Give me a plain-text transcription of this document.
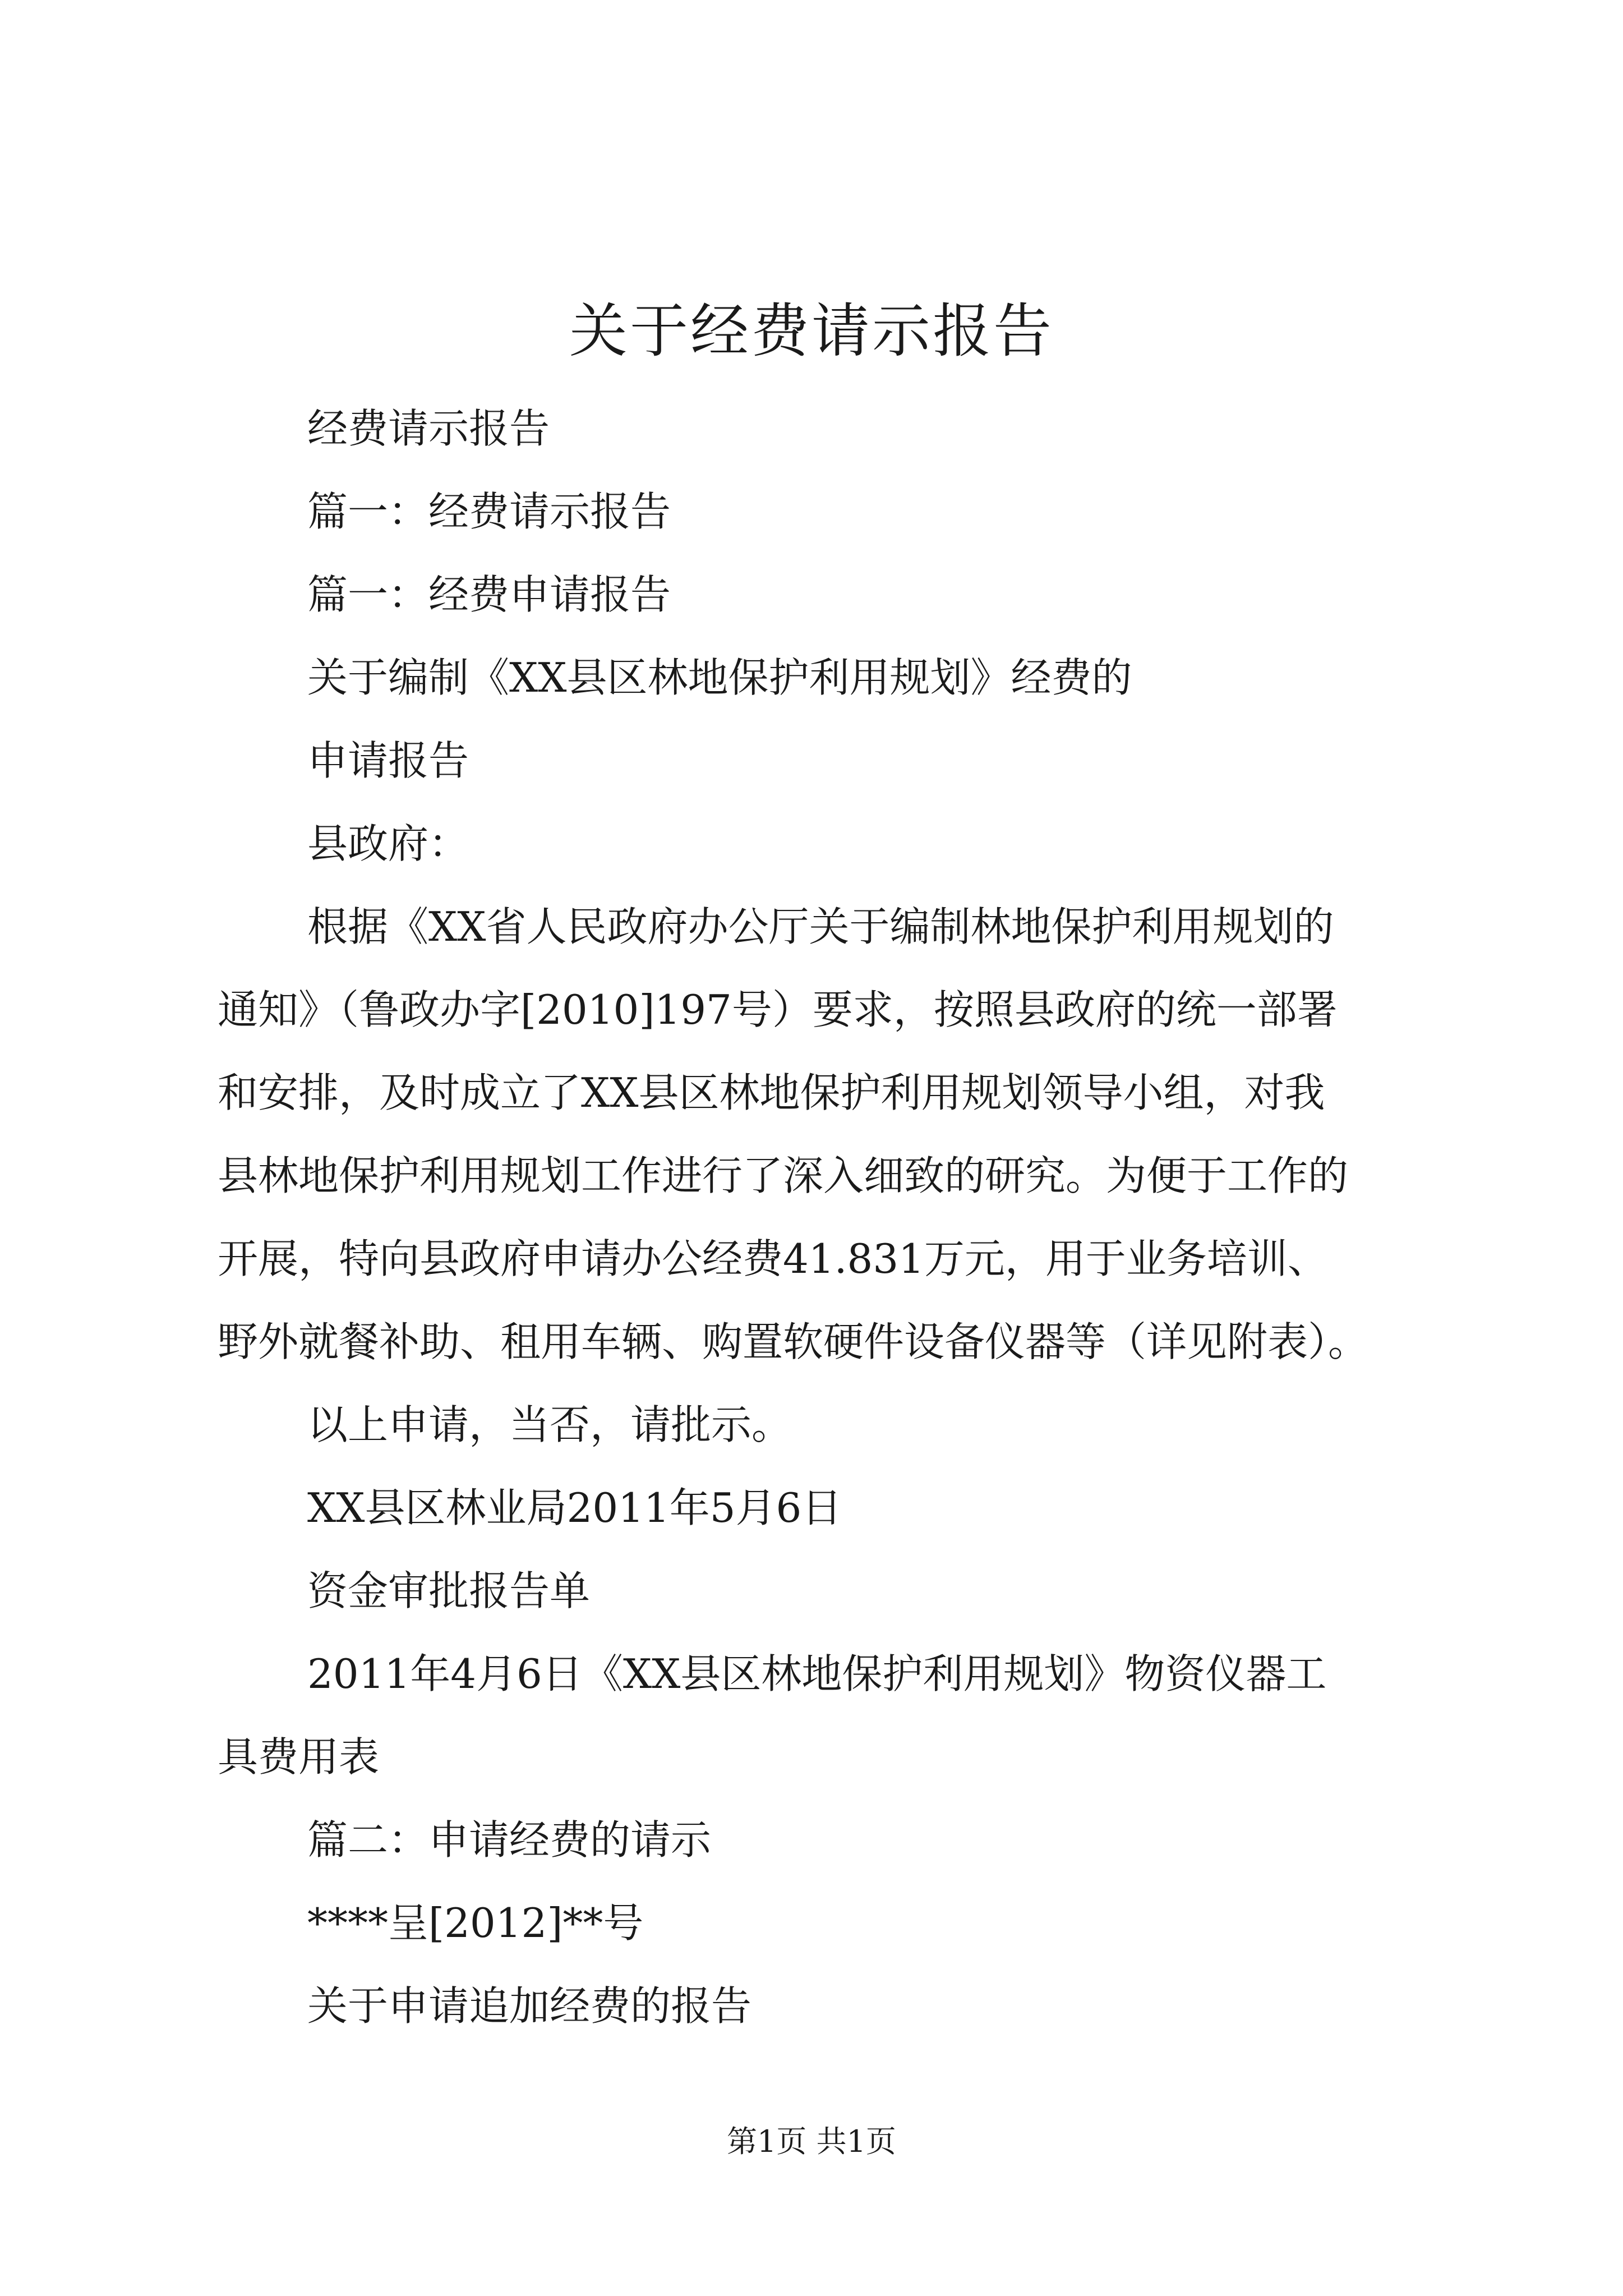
关于经费请示报告

经费请示报告

篇一：经费请示报告

篇一：经费申请报告

关于编制《XX县区林地保护利用规划》经费的

申请报告

县政府：

根据《XX省人民政府办公厅关于编制林地保护利用规划的

通知》（鲁政办字[2010]197号）要求，按照县政府的统一部署

和安排，及时成立了XX县区林地保护利用规划领导小组，对我

县林地保护利用规划工作进行了深入细致的研究。为便于工作的

开展，特向县政府申请办公经费41.831万元，用于业务培训、

野外就餐补助、租用车辆、购置软硬件设备仪器等（详见附表）。

以上申请，当否，请批示。

XX县区林业局2011年5月6日

资金审批报告单

2011年4月6日《XX县区林地保护利用规划》物资仪器工

具费用表

篇二：申请经费的请示

****呈[2012]**号

关于申请追加经费的报告

第1页 共1页
